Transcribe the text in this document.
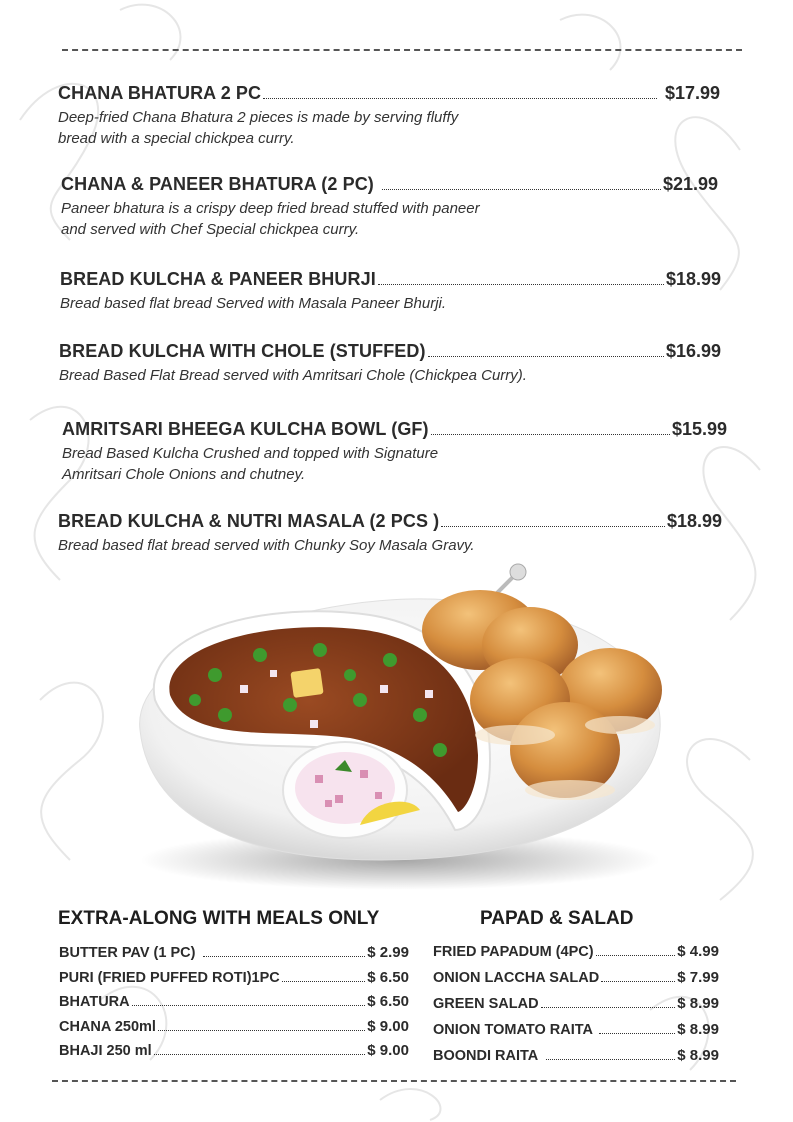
CHANA BHATURA 2 PC	$17.99
Deep-fried Chana Bhatura 2 pieces is made by serving fluffy
bread with a special chickpea curry.
CHANA & PANEER BHATURA (2 PC)	$21.99
Paneer bhatura is a crispy deep fried bread stuffed with paneer
and served with Chef Special chickpea curry.
BREAD KULCHA & PANEER BHURJI	$18.99
Bread based flat bread Served with Masala Paneer Bhurji.
BREAD KULCHA WITH CHOLE (STUFFED)	$16.99
Bread Based Flat Bread served with Amritsari Chole (Chickpea Curry).
AMRITSARI BHEEGA KULCHA BOWL (GF)	$15.99
Bread Based Kulcha Crushed and topped with Signature
Amritsari Chole Onions and chutney.
BREAD KULCHA & NUTRI MASALA (2 PCS )	$18.99
Bread based flat bread served with Chunky Soy Masala Gravy.
EXTRA-ALONG WITH MEALS ONLY	PAPAD & SALAD
BUTTER PAV (1 PC)	$ 2.99
PURI (FRIED PUFFED ROTI)1PC	$ 6.50
BHATURA	$ 6.50
CHANA 250ml	$ 9.00
BHAJI 250 ml	$ 9.00
FRIED PAPADUM (4PC)	$ 4.99
ONION LACCHA SALAD	$ 7.99
GREEN SALAD	$ 8.99
ONION TOMATO RAITA	$ 8.99
BOONDI RAITA	$ 8.99
